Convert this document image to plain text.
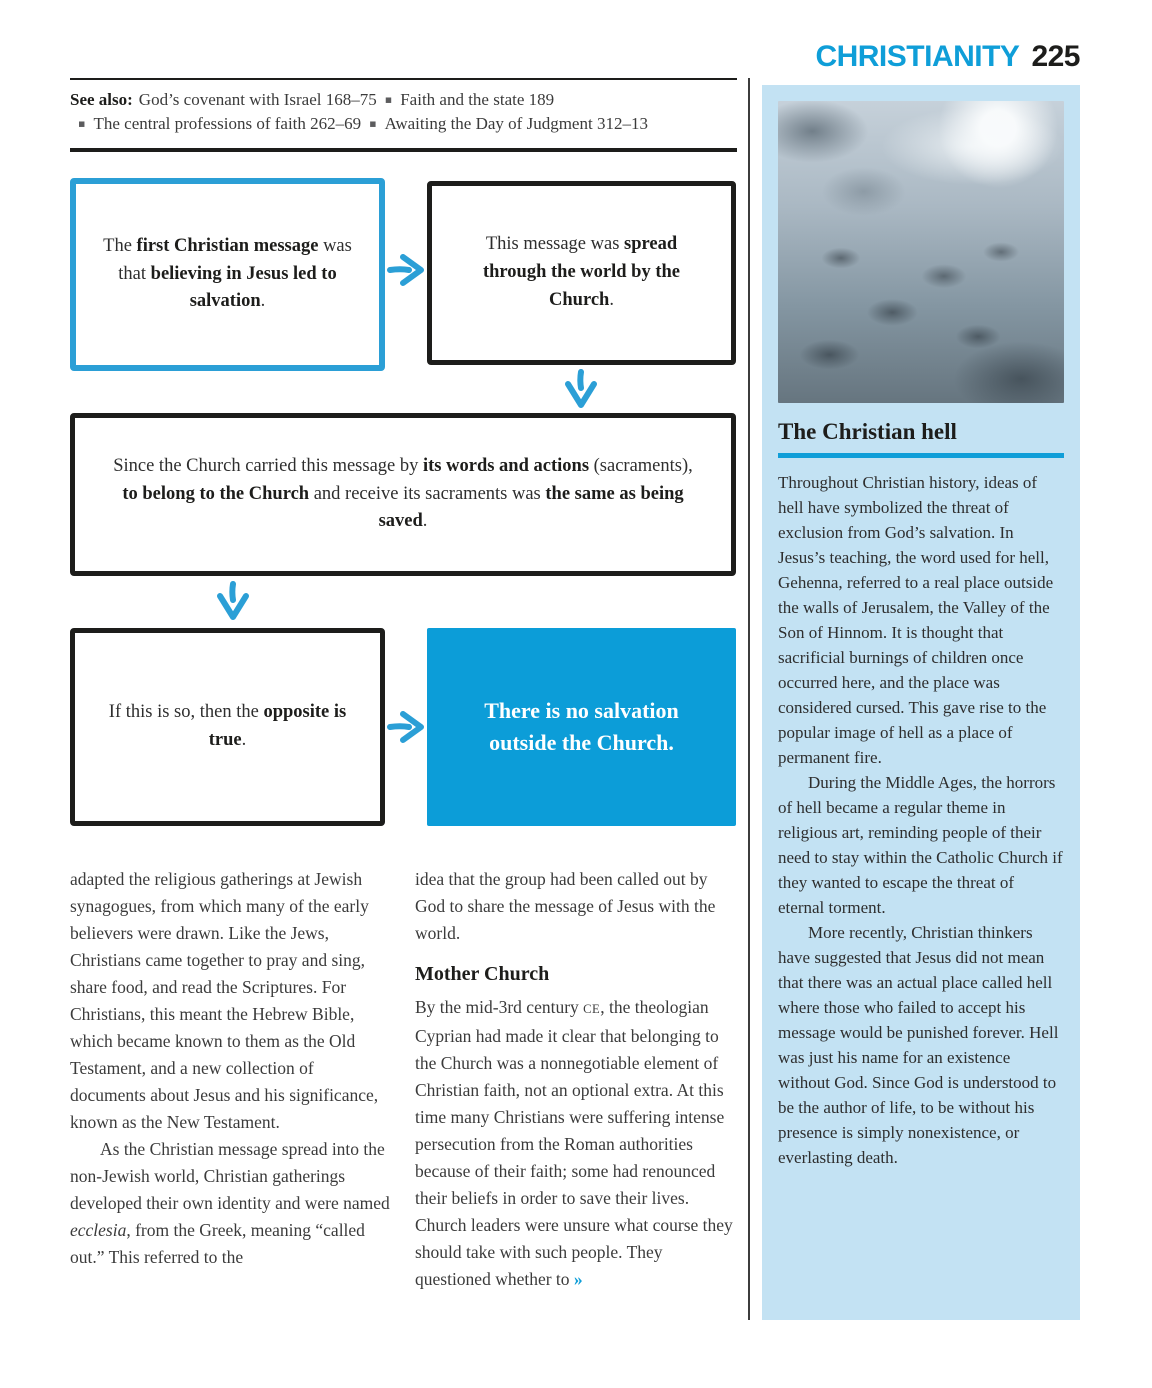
CHRISTIANITY 225
See also: God’s covenant with Israel 168–75 ▪ Faith and the state 189
▪ The central professions of faith 262–69 ▪ Awaiting the Day of Judgment 312–13
The first Christian message was that believing in Jesus led to salvation.
This message was spread through the world by the Church.
Since the Church carried this message by its words and actions (sacraments), to belong to the Church and receive its sacraments was the same as being saved.
If this is so, then the opposite is true.
There is no salvation outside the Church.

adapted the religious gatherings at Jewish synagogues, from which many of the early believers were drawn. Like the Jews, Christians came together to pray and sing, share food, and read the Scriptures. For Christians, this meant the Hebrew Bible, which became known to them as the Old Testament, and a new collection of documents about Jesus and his significance, known as the New Testament.

As the Christian message spread into the non-Jewish world, Christian gatherings developed their own identity and were named ecclesia, from the Greek, meaning “called out.” This referred to the

idea that the group had been called out by God to share the message of Jesus with the world.

Mother Church

By the mid-3rd century CE, the theologian Cyprian had made it clear that belonging to the Church was a nonnegotiable element of Christian faith, not an optional extra. At this time many Christians were suffering intense persecution from the Roman authorities because of their faith; some had renounced their beliefs in order to save their lives. Church leaders were unsure what course they should take with such people. They questioned whether to »

The Christian hell

Throughout Christian history, ideas of hell have symbolized the threat of exclusion from God’s salvation. In Jesus’s teaching, the word used for hell, Gehenna, referred to a real place outside the walls of Jerusalem, the Valley of the Son of Hinnom. It is thought that sacrificial burnings of children once occurred here, and the place was considered cursed. This gave rise to the popular image of hell as a place of permanent fire.

During the Middle Ages, the horrors of hell became a regular theme in religious art, reminding people of their need to stay within the Catholic Church if they wanted to escape the threat of eternal torment.

More recently, Christian thinkers have suggested that Jesus did not mean that there was an actual place called hell where those who failed to accept his message would be punished forever. Hell was just his name for an existence without God. Since God is understood to be the author of life, to be without his presence is simply nonexistence, or everlasting death.
